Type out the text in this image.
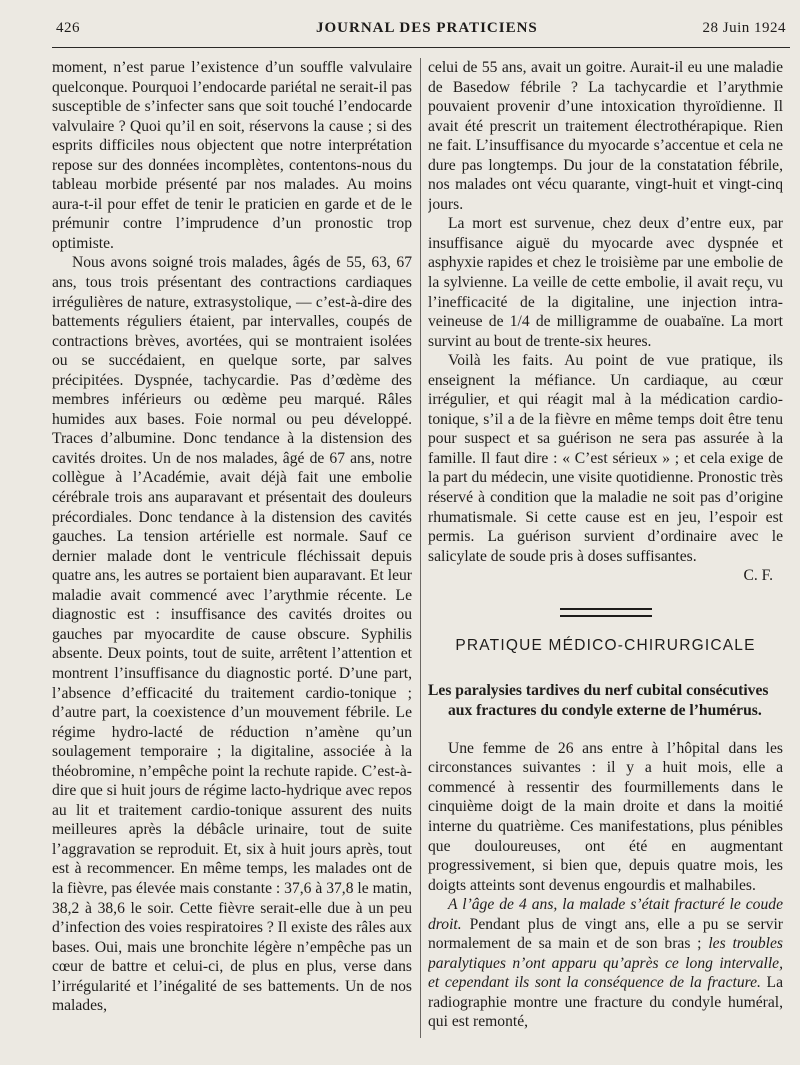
426	JOURNAL DES PRATICIENS	28 Juin 1924

moment, n’est parue l’existence d’un souffle valvulaire quelconque. Pourquoi l’endocarde pariétal ne serait-il pas susceptible de s’infecter sans que soit touché l’endocarde valvulaire ? Quoi qu’il en soit, réservons la cause ; si des esprits difficiles nous objectent que notre interprétation repose sur des données incomplètes, contentons-nous du tableau morbide présenté par nos malades. Au moins aura-t-il pour effet de tenir le praticien en garde et de le prémunir contre l’imprudence d’un pronostic trop optimiste.

Nous avons soigné trois malades, âgés de 55, 63, 67 ans, tous trois présentant des contractions cardiaques irrégulières de nature, extrasystolique, — c’est-à-dire des battements réguliers étaient, par intervalles, coupés de contractions brèves, avortées, qui se montraient isolées ou se succédaient, en quelque sorte, par salves précipitées. Dyspnée, tachycardie. Pas d’œdème des membres inférieurs ou œdème peu marqué. Râles humides aux bases. Foie normal ou peu développé. Traces d’albumine. Donc tendance à la distension des cavités droites. Un de nos malades, âgé de 67 ans, notre collègue à l’Académie, avait déjà fait une embolie cérébrale trois ans auparavant et présentait des douleurs précordiales. Donc tendance à la distension des cavités gauches. La tension artérielle est normale. Sauf ce dernier malade dont le ventricule fléchissait depuis quatre ans, les autres se portaient bien auparavant. Et leur maladie avait commencé avec l’arythmie récente. Le diagnostic est : insuffisance des cavités droites ou gauches par myocardite de cause obscure. Syphilis absente. Deux points, tout de suite, arrêtent l’attention et montrent l’insuffisance du diagnostic porté. D’une part, l’absence d’efficacité du traitement cardio-tonique ; d’autre part, la coexistence d’un mouvement fébrile. Le régime hydro-lacté de réduction n’amène qu’un soulagement temporaire ; la digitaline, associée à la théobromine, n’empêche point la rechute rapide. C’est-à-dire que si huit jours de régime lacto-hydrique avec repos au lit et traitement cardio-tonique assurent des nuits meilleures après la débâcle urinaire, tout de suite l’aggravation se reproduit. Et, six à huit jours après, tout est à recommencer. En même temps, les malades ont de la fièvre, pas élevée mais constante : 37,6 à 37,8 le matin, 38,2 à 38,6 le soir. Cette fièvre serait-elle due à un peu d’infection des voies respiratoires ? Il existe des râles aux bases. Oui, mais une bronchite légère n’empêche pas un cœur de battre et celui-ci, de plus en plus, verse dans l’irrégularité et l’inégalité de ses battements. Un de nos malades,

celui de 55 ans, avait un goitre. Aurait-il eu une maladie de Basedow fébrile ? La tachycardie et l’arythmie pouvaient provenir d’une intoxication thyroïdienne. Il avait été prescrit un traitement électrothérapique. Rien ne fait. L’insuffisance du myocarde s’accentue et cela ne dure pas longtemps. Du jour de la constatation fébrile, nos malades ont vécu quarante, vingt-huit et vingt-cinq jours.

La mort est survenue, chez deux d’entre eux, par insuffisance aiguë du myocarde avec dyspnée et asphyxie rapides et chez le troisième par une embolie de la sylvienne. La veille de cette embolie, il avait reçu, vu l’inefficacité de la digitaline, une injection intra-veineuse de 1/4 de milligramme de ouabaïne. La mort survint au bout de trente-six heures.

Voilà les faits. Au point de vue pratique, ils enseignent la méfiance. Un cardiaque, au cœur irrégulier, et qui réagit mal à la médication cardio-tonique, s’il a de la fièvre en même temps doit être tenu pour suspect et sa guérison ne sera pas assurée à la famille. Il faut dire : « C’est sérieux » ; et cela exige de la part du médecin, une visite quotidienne. Pronostic très réservé à condition que la maladie ne soit pas d’origine rhumatismale. Si cette cause est en jeu, l’espoir est permis. La guérison survient d’ordinaire avec le salicylate de soude pris à doses suffisantes.

C. F.

PRATIQUE MÉDICO-CHIRURGICALE
Les paralysies tardives du nerf cubital consécutives aux fractures du condyle externe de l’humérus.

Une femme de 26 ans entre à l’hôpital dans les circonstances suivantes : il y a huit mois, elle a commencé à ressentir des fourmillements dans le cinquième doigt de la main droite et dans la moitié interne du quatrième. Ces manifestations, plus pénibles que douloureuses, ont été en augmentant progressivement, si bien que, depuis quatre mois, les doigts atteints sont devenus engourdis et malhabiles.

A l’âge de 4 ans, la malade s’était fracturé le coude droit. Pendant plus de vingt ans, elle a pu se servir normalement de sa main et de son bras ; les troubles paralytiques n’ont apparu qu’après ce long intervalle, et cependant ils sont la conséquence de la fracture. La radiographie montre une fracture du condyle huméral, qui est remonté,
